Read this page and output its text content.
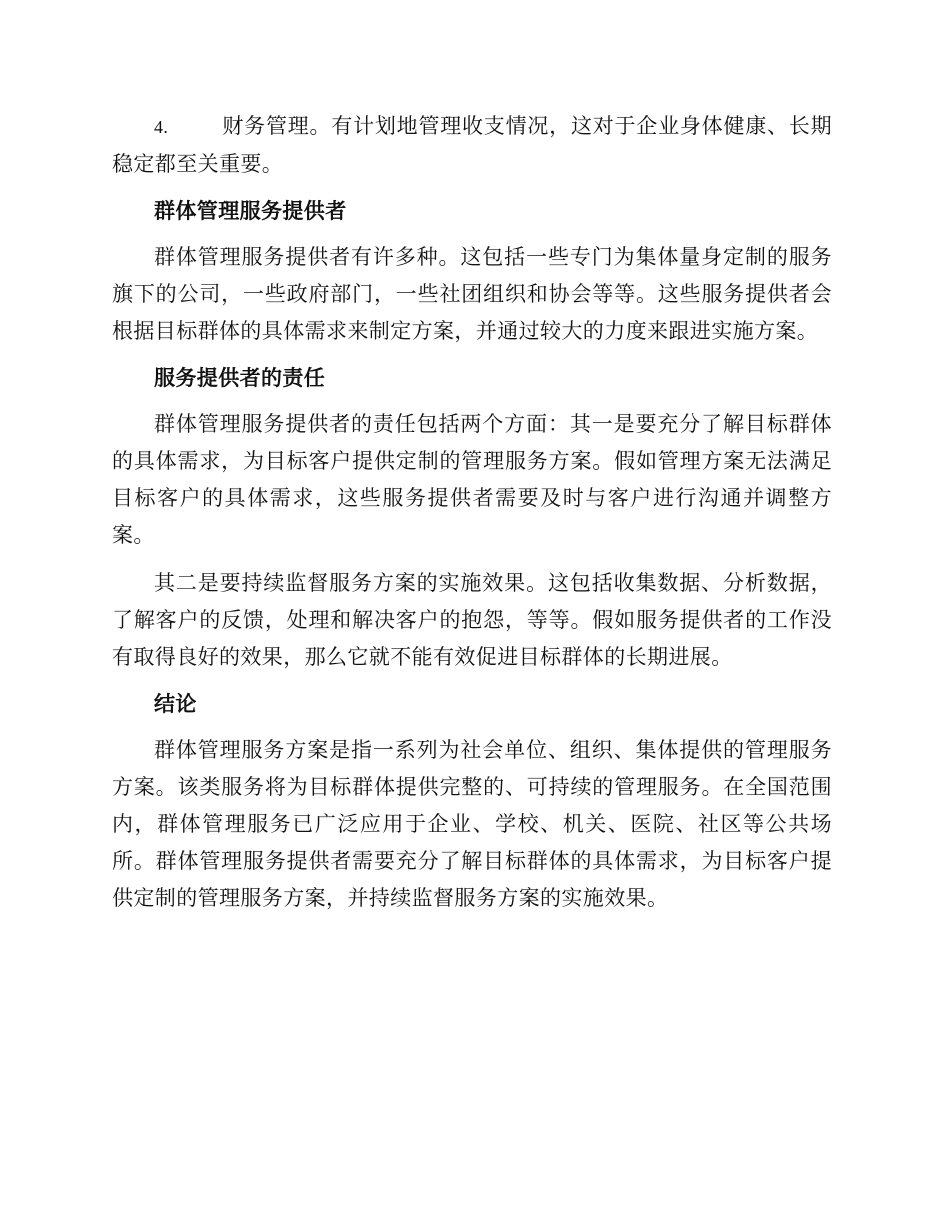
4.	财务管理。有计划地管理收支情况，这对于企业身体健康、长期稳定都至关重要。

群体管理服务提供者

群体管理服务提供者有许多种。这包括一些专门为集体量身定制的服务旗下的公司，一些政府部门，一些社团组织和协会等等。这些服务提供者会根据目标群体的具体需求来制定方案，并通过较大的力度来跟进实施方案。

服务提供者的责任

群体管理服务提供者的责任包括两个方面：其一是要充分了解目标群体的具体需求，为目标客户提供定制的管理服务方案。假如管理方案无法满足目标客户的具体需求，这些服务提供者需要及时与客户进行沟通并调整方案。

其二是要持续监督服务方案的实施效果。这包括收集数据、分析数据，了解客户的反馈，处理和解决客户的抱怨，等等。假如服务提供者的工作没有取得良好的效果，那么它就不能有效促进目标群体的长期进展。

结论

群体管理服务方案是指一系列为社会单位、组织、集体提供的管理服务方案。该类服务将为目标群体提供完整的、可持续的管理服务。在全国范围内，群体管理服务已广泛应用于企业、学校、机关、医院、社区等公共场所。群体管理服务提供者需要充分了解目标群体的具体需求，为目标客户提供定制的管理服务方案，并持续监督服务方案的实施效果。
